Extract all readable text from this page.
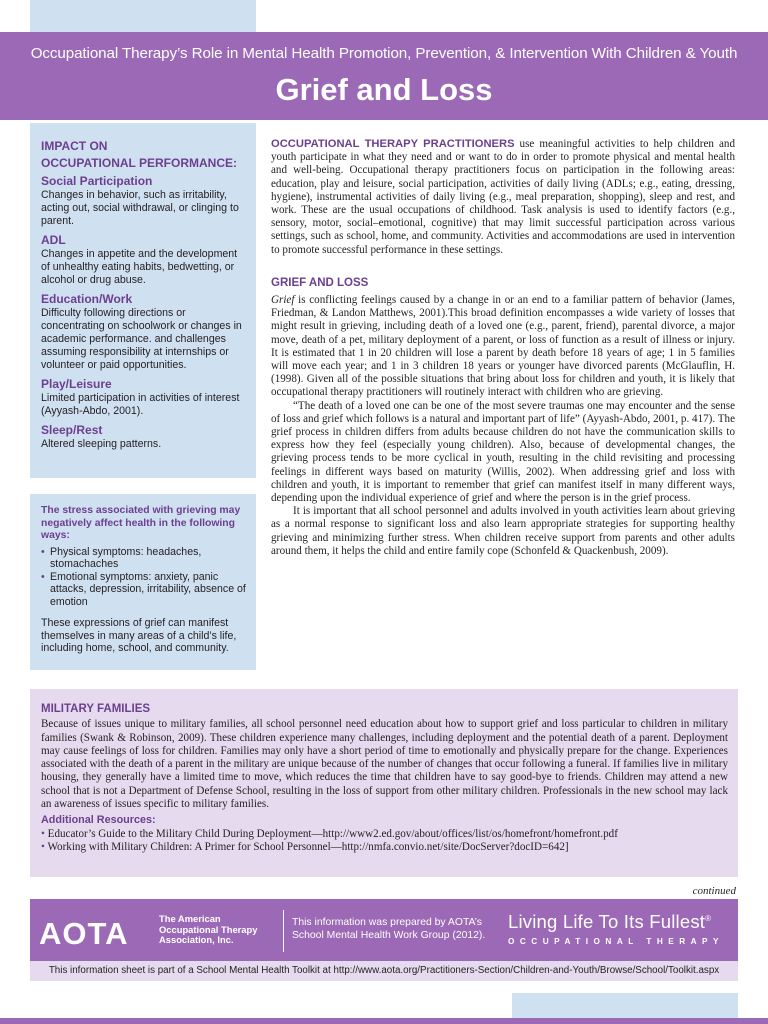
Occupational Therapy’s Role in Mental Health Promotion, Prevention, & Intervention With Children & Youth
Grief and Loss
IMPACT ON
OCCUPATIONAL PERFORMANCE:
Social Participation
Changes in behavior, such as irritability, acting out, social withdrawal, or clinging to parent.
ADL
Changes in appetite and the development of unhealthy eating habits, bedwetting, or alcohol or drug abuse.
Education/Work
Difficulty following directions or concentrating on schoolwork or changes in academic performance. and challenges assuming responsibility at internships or volunteer or paid opportunities.
Play/Leisure
Limited participation in activities of interest (Ayyash-Abdo, 2001).
Sleep/Rest
Altered sleeping patterns.
The stress associated with grieving may negatively affect health in the following ways:
• Physical symptoms: headaches, stomachaches
• Emotional symptoms: anxiety, panic attacks, depression, irritability, absence of emotion
These expressions of grief can manifest themselves in many areas of a child’s life, including home, school, and community.

OCCUPATIONAL THERAPY PRACTITIONERS use meaningful activities to help children and youth participate in what they need and or want to do in order to promote physical and mental health and well-being. Occupational therapy practitioners focus on participation in the following areas: education, play and leisure, social participation, activities of daily living (ADLs; e.g., eating, dressing, hygiene), instrumental activities of daily living (e.g., meal preparation, shopping), sleep and rest, and work. These are the usual occupations of childhood. Task analysis is used to identify factors (e.g., sensory, motor, social–emotional, cognitive) that may limit successful participation across various settings, such as school, home, and community. Activities and accommodations are used in intervention to promote successful performance in these settings.

GRIEF AND LOSS

Grief is conflicting feelings caused by a change in or an end to a familiar pattern of behavior (James, Friedman, & Landon Matthews, 2001).This broad definition encompasses a wide variety of losses that might result in grieving, including death of a loved one (e.g., parent, friend), parental divorce, a major move, death of a pet, military deployment of a parent, or loss of function as a result of illness or injury. It is estimated that 1 in 20 children will lose a parent by death before 18 years of age; 1 in 5 families will move each year; and 1 in 3 children 18 years or younger have divorced parents (McGlauflin, H. (1998). Given all of the possible situations that bring about loss for children and youth, it is likely that occupational therapy practitioners will routinely interact with children who are grieving.

“The death of a loved one can be one of the most severe traumas one may encounter and the sense of loss and grief which follows is a natural and important part of life” (Ayyash-Abdo, 2001, p. 417). The grief process in children differs from adults because children do not have the communication skills to express how they feel (especially young children). Also, because of developmental changes, the grieving process tends to be more cyclical in youth, resulting in the child revisiting and processing feelings in different ways based on maturity (Willis, 2002). When addressing grief and loss with children and youth, it is important to remember that grief can manifest itself in many different ways, depending upon the individual experience of grief and where the person is in the grief process.

It is important that all school personnel and adults involved in youth activities learn about grieving as a normal response to significant loss and also learn appropriate strategies for supporting healthy grieving and minimizing further stress. When children receive support from parents and other adults around them, it helps the child and entire family cope (Schonfeld & Quackenbush, 2009).

MILITARY FAMILIES

Because of issues unique to military families, all school personnel need education about how to support grief and loss particular to children in military families (Swank & Robinson, 2009). These children experience many challenges, including deployment and the potential death of a parent. Deployment may cause feelings of loss for children. Families may only have a short period of time to emotionally and physically prepare for the change. Experiences associated with the death of a parent in the military are unique because of the number of changes that occur following a funeral. If families live in military housing, they generally have a limited time to move, which reduces the time that children have to say good-bye to friends. Children may attend a new school that is not a Department of Defense School, resulting in the loss of support from other military children. Professionals in the new school may lack an awareness of issues specific to military families.

Additional Resources:
• Educator’s Guide to the Military Child During Deployment—http://www2.ed.gov/about/offices/list/os/homefront/homefront.pdf
• Working with Military Children: A Primer for School Personnel—http://nmfa.convio.net/site/DocServer?docID=642]
continued
AOTA	The American
Occupational Therapy
Association, Inc.
This information was prepared by AOTA’s
School Mental Health Work Group (2012).
Living Life To Its Fullest®
OCCUPATIONAL THERAPY
This information sheet is part of a School Mental Health Toolkit at http://www.aota.org/Practitioners-Section/Children-and-Youth/Browse/School/Toolkit.aspx
